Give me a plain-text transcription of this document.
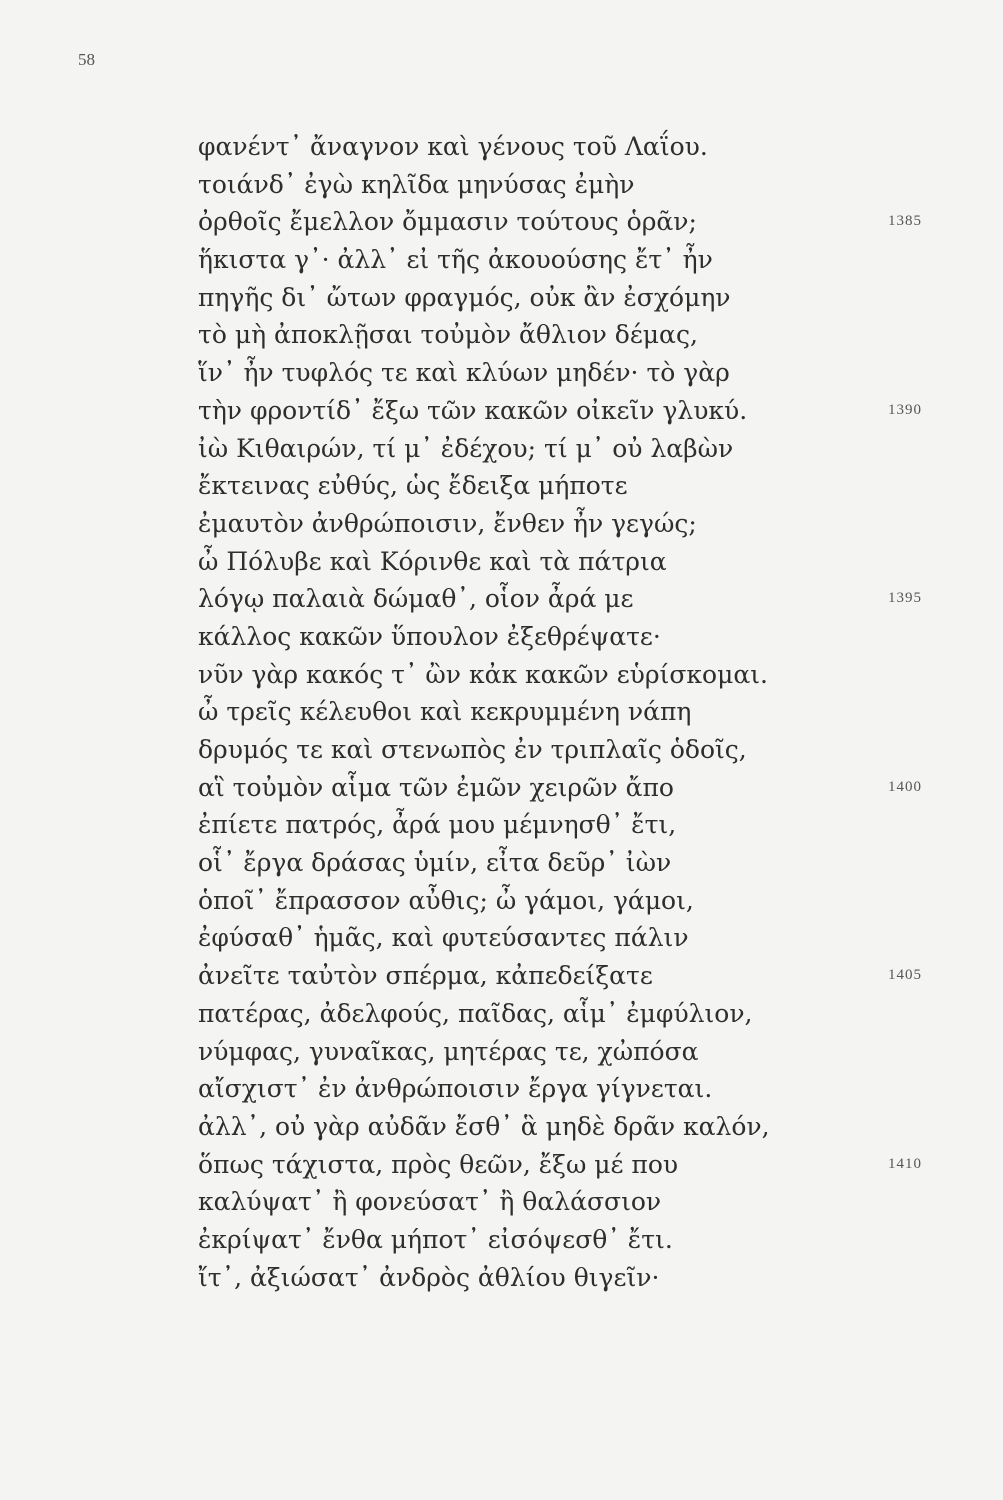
58
φανέντ᾽ ἄναγνον καὶ γένους τοῦ Λαΐου.
τοιάνδ᾽ ἐγὼ κηλῖδα μηνύσας ἐμὴν
ὀρθοῖς ἔμελλον ὄμμασιν τούτους ὁρᾶν;	1385
ἥκιστα γ᾽· ἀλλ᾽ εἰ τῆς ἀκουούσης ἔτ᾽ ἦν
πηγῆς δι᾽ ὤτων φραγμός, οὐκ ἂν ἐσχόμην
τὸ μὴ ἀποκλῇσαι τοὐμὸν ἄθλιον δέμας,
ἵν᾽ ἦν τυφλός τε καὶ κλύων μηδέν· τὸ γὰρ
τὴν φροντίδ᾽ ἔξω τῶν κακῶν οἰκεῖν γλυκύ.	1390
ἰὼ Κιθαιρών, τί μ᾽ ἐδέχου; τί μ᾽ οὐ λαβὼν
ἔκτεινας εὐθύς, ὡς ἔδειξα μήποτε
ἐμαυτὸν ἀνθρώποισιν, ἔνθεν ἦν γεγώς;
ὦ Πόλυβε καὶ Κόρινθε καὶ τὰ πάτρια
λόγῳ παλαιὰ δώμαθ᾽, οἷον ἆρά με	1395
κάλλος κακῶν ὕπουλον ἐξεθρέψατε·
νῦν γὰρ κακός τ᾽ ὢν κἀκ κακῶν εὑρίσκομαι.
ὦ τρεῖς κέλευθοι καὶ κεκρυμμένη νάπη
δρυμός τε καὶ στενωπὸς ἐν τριπλαῖς ὁδοῖς,
αἳ τοὐμὸν αἷμα τῶν ἐμῶν χειρῶν ἄπο	1400
ἐπίετε πατρός, ἆρά μου μέμνησθ᾽ ἔτι,
οἷ᾽ ἔργα δράσας ὑμίν, εἶτα δεῦρ᾽ ἰὼν
ὁποῖ᾽ ἔπρασσον αὖθις; ὦ γάμοι, γάμοι,
ἐφύσαθ᾽ ἡμᾶς, καὶ φυτεύσαντες πάλιν
ἀνεῖτε ταὐτὸν σπέρμα, κἀπεδείξατε	1405
πατέρας, ἀδελφούς, παῖδας, αἷμ᾽ ἐμφύλιον,
νύμφας, γυναῖκας, μητέρας τε, χὠπόσα
αἴσχιστ᾽ ἐν ἀνθρώποισιν ἔργα γίγνεται.
ἀλλ᾽, οὐ γὰρ αὐδᾶν ἔσθ᾽ ἃ μηδὲ δρᾶν καλόν,
ὅπως τάχιστα, πρὸς θεῶν, ἔξω μέ που	1410
καλύψατ᾽ ἢ φονεύσατ᾽ ἢ θαλάσσιον
ἐκρίψατ᾽ ἔνθα μήποτ᾽ εἰσόψεσθ᾽ ἔτι.
ἴτ᾽, ἀξιώσατ᾽ ἀνδρὸς ἀθλίου θιγεῖν·
